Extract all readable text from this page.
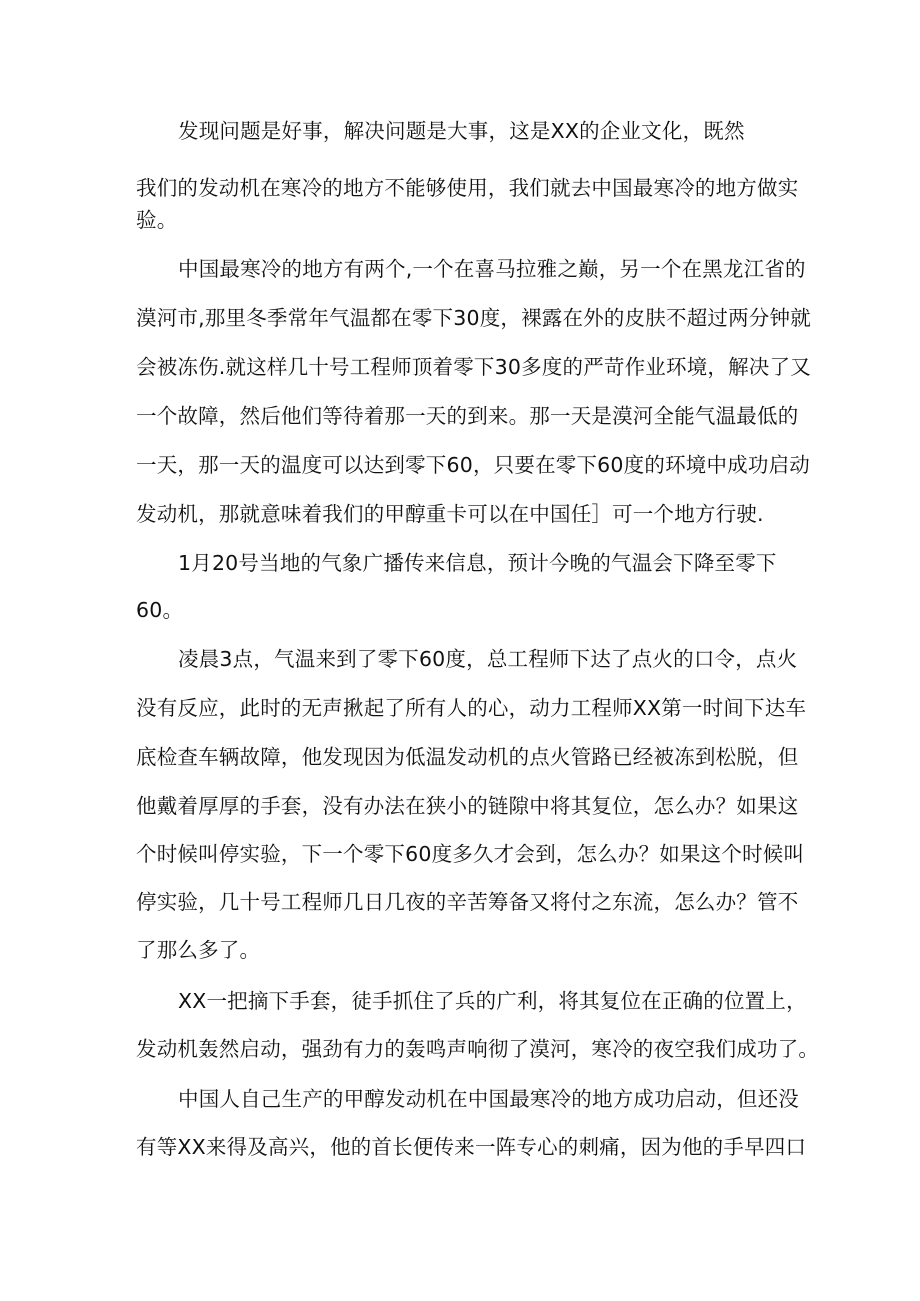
发现问题是好事，解决问题是大事，这是XX的企业文化，既然
我们的发动机在寒冷的地方不能够使用，我们就去中国最寒冷的地方做实
验。
中国最寒冷的地方有两个,一个在喜马拉雅之巅，另一个在黑龙江省的
漠河市,那里冬季常年气温都在零下30度，裸露在外的皮肤不超过两分钟就
会被冻伤.就这样几十号工程师顶着零下30多度的严苛作业环境，解决了又
一个故障，然后他们等待着那一天的到来。那一天是漠河全能气温最低的
一天，那一天的温度可以达到零下60，只要在零下60度的环境中成功启动
发动机，那就意味着我们的甲醇重卡可以在中国任］可一个地方行驶.
1月20号当地的气象广播传来信息，预计今晚的气温会下降至零下
60。
凌晨3点，气温来到了零下60度，总工程师下达了点火的口令，点火
没有反应，此时的无声揪起了所有人的心，动力工程师XX第一时间下达车
底检查车辆故障，他发现因为低温发动机的点火管路已经被冻到松脱，但
他戴着厚厚的手套，没有办法在狭小的链隙中将其复位，怎么办？如果这
个时候叫停实验，下一个零下60度多久才会到，怎么办？如果这个时候叫
停实验，几十号工程师几日几夜的辛苦筹备又将付之东流，怎么办？管不
了那么多了。
XX一把摘下手套，徒手抓住了兵的广利，将其复位在正确的位置上，
发动机轰然启动，强劲有力的轰鸣声响彻了漠河，寒冷的夜空我们成功了。
中国人自己生产的甲醇发动机在中国最寒冷的地方成功启动，但还没
有等XX来得及高兴，他的首长便传来一阵专心的刺痛，因为他的手早四口
